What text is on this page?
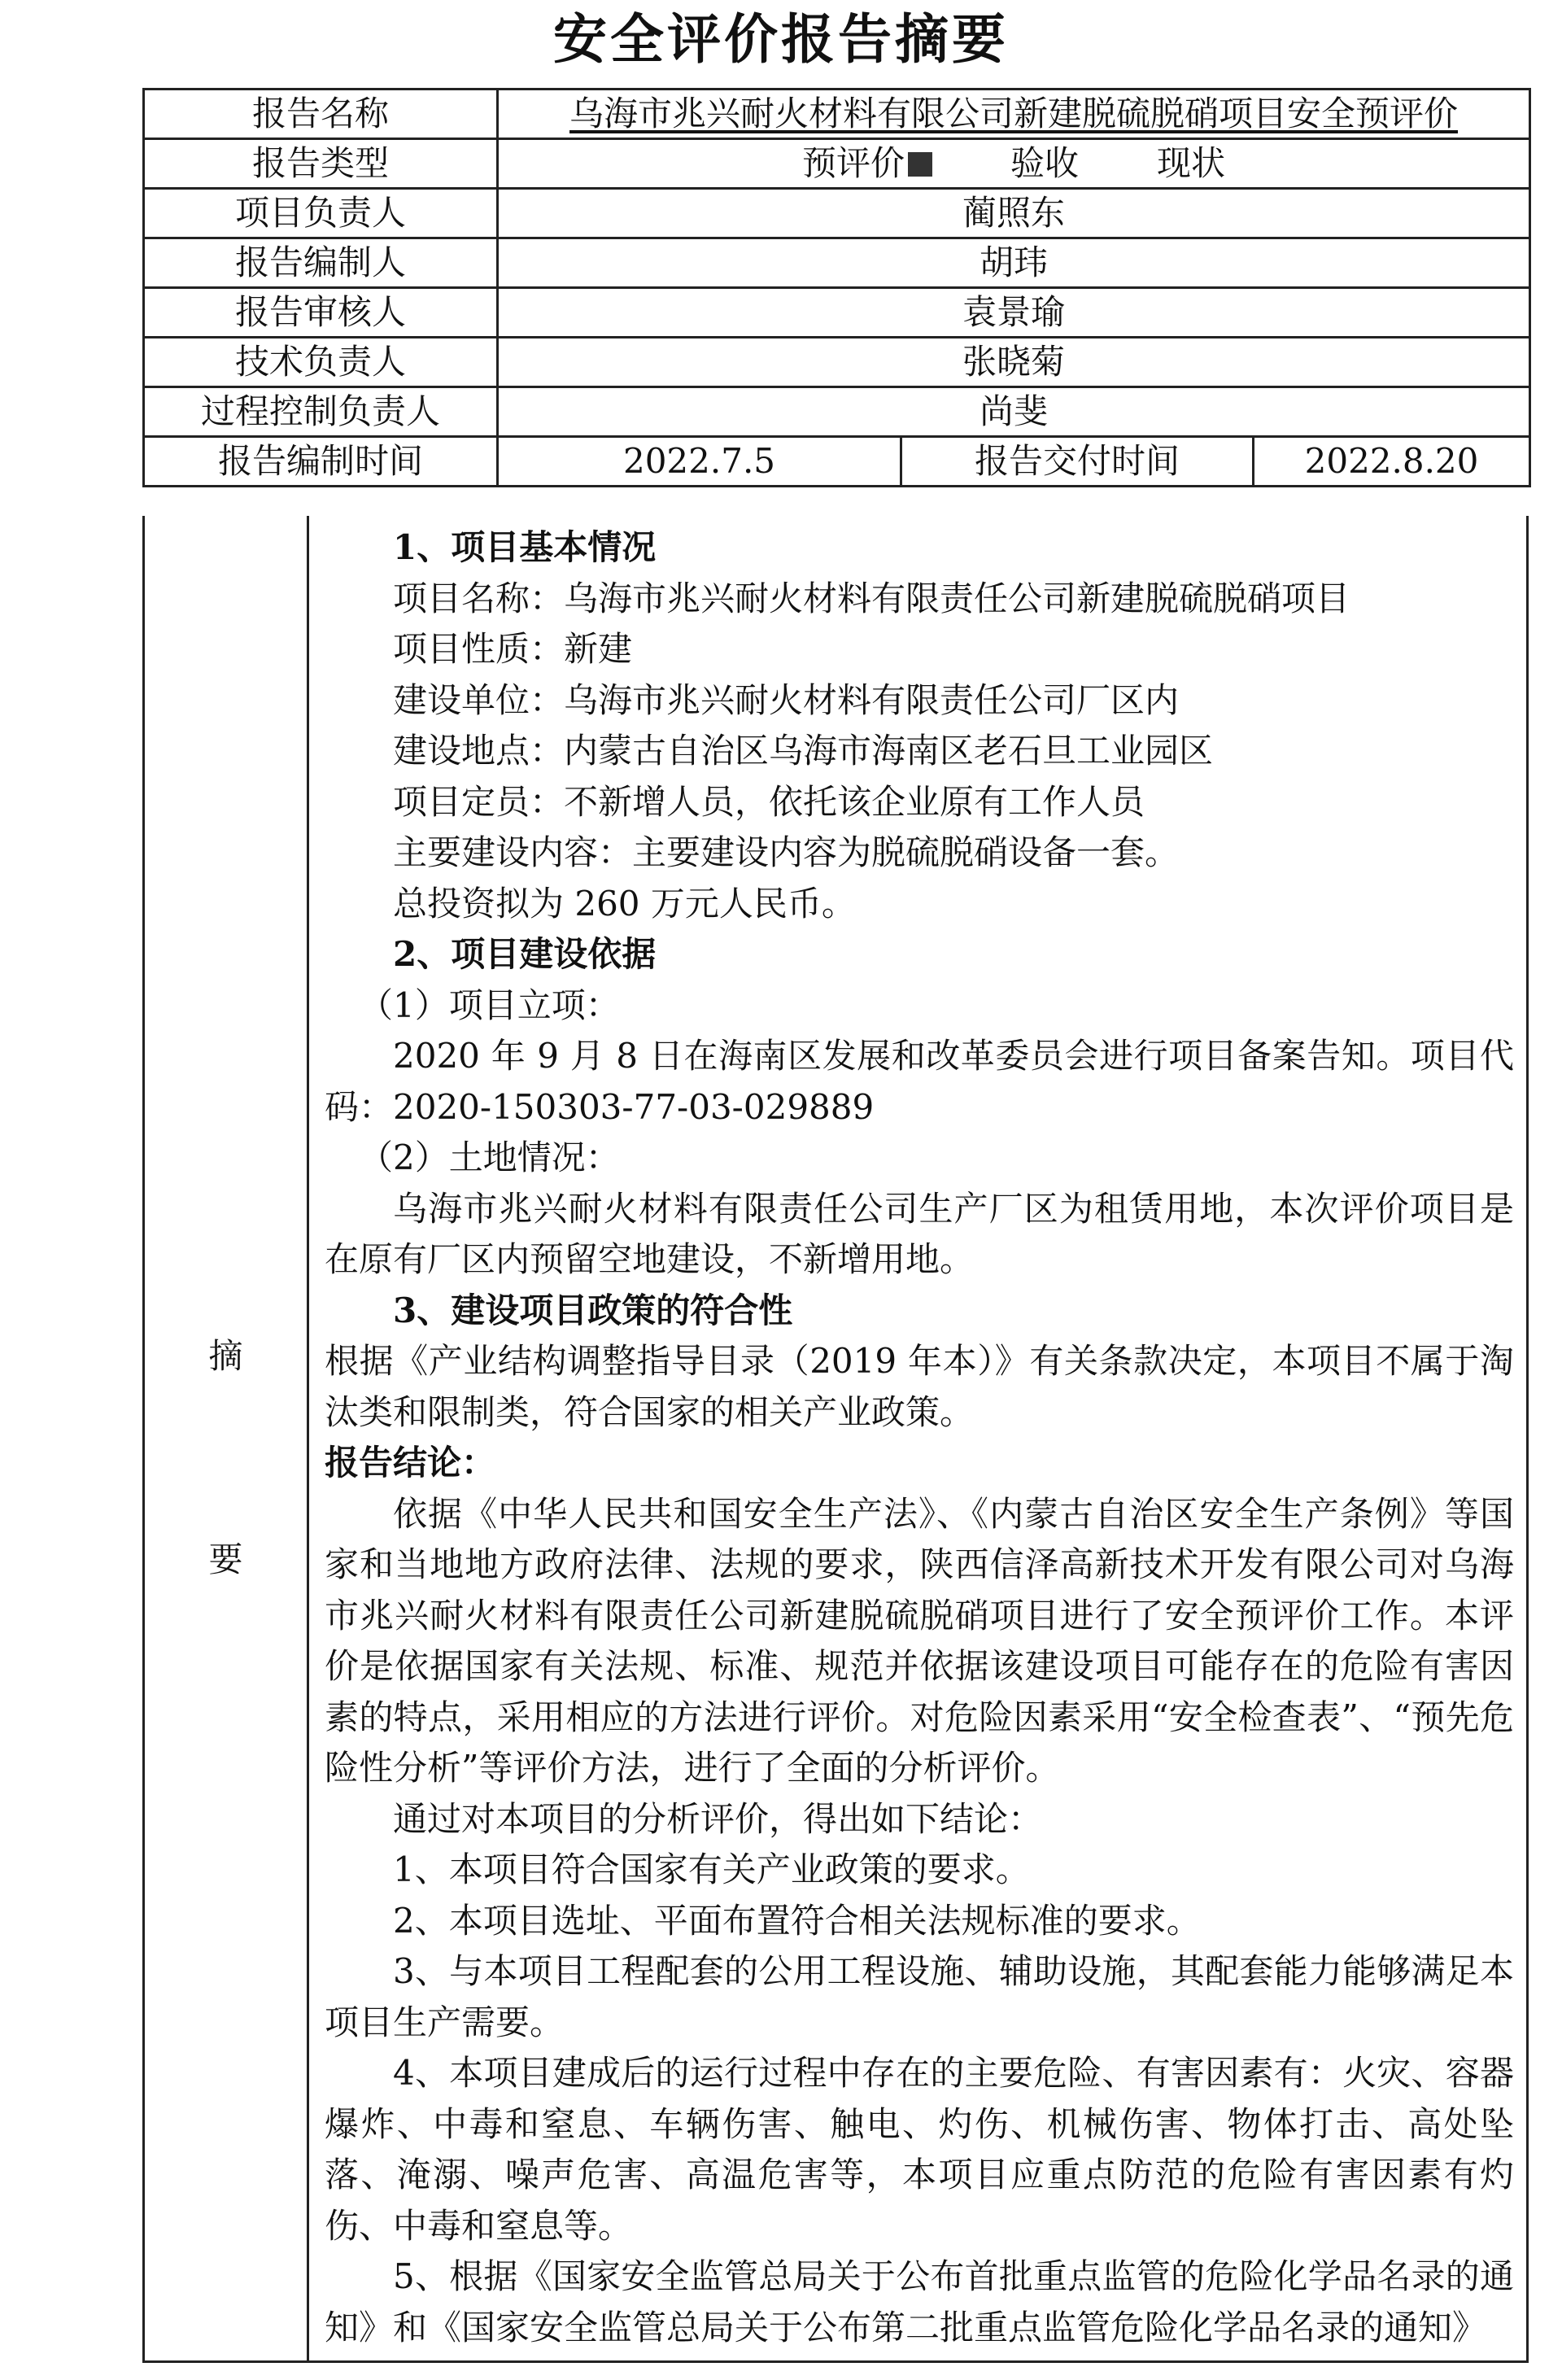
安全评价报告摘要
报告名称	乌海市兆兴耐火材料有限公司新建脱硫脱硝项目安全预评价		
报告类型	预评价 验收 现状		
项目负责人	蔺照东		
报告编制人	胡玮		
报告审核人	袁景瑜		
技术负责人	张晓菊		
过程控制负责人	尚斐		
报告编制时间	2022.7.5	报告交付时间	2022.8.20
摘
要

1、项目基本情况

项目名称：乌海市兆兴耐火材料有限责任公司新建脱硫脱硝项目

项目性质：新建

建设单位：乌海市兆兴耐火材料有限责任公司厂区内

建设地点：内蒙古自治区乌海市海南区老石旦工业园区

项目定员：不新增人员，依托该企业原有工作人员

主要建设内容：主要建设内容为脱硫脱硝设备一套。

总投资拟为 260 万元人民币。

2、项目建设依据

（1）项目立项：

2020 年 9 月 8 日在海南区发展和改革委员会进行项目备案告知。项目代码：2020-150303-77-03-029889

（2）土地情况：

乌海市兆兴耐火材料有限责任公司生产厂区为租赁用地，本次评价项目是在原有厂区内预留空地建设，不新增用地。

3、建设项目政策的符合性

根据《产业结构调整指导目录（2019 年本）》有关条款决定，本项目不属于淘汰类和限制类，符合国家的相关产业政策。

报告结论：

依据《中华人民共和国安全生产法》、《内蒙古自治区安全生产条例》等国家和当地地方政府法律、法规的要求，陕西信泽高新技术开发有限公司对乌海市兆兴耐火材料有限责任公司新建脱硫脱硝项目进行了安全预评价工作。本评价是依据国家有关法规、标准、规范并依据该建设项目可能存在的危险有害因素的特点，采用相应的方法进行评价。对危险因素采用“安全检查表”、“预先危险性分析”等评价方法，进行了全面的分析评价。

通过对本项目的分析评价，得出如下结论：

1、本项目符合国家有关产业政策的要求。

2、本项目选址、平面布置符合相关法规标准的要求。

3、与本项目工程配套的公用工程设施、辅助设施，其配套能力能够满足本项目生产需要。

4、本项目建成后的运行过程中存在的主要危险、有害因素有：火灾、容器爆炸、中毒和窒息、车辆伤害、触电、灼伤、机械伤害、物体打击、高处坠落、淹溺、噪声危害、高温危害等，本项目应重点防范的危险有害因素有灼伤、中毒和窒息等。

5、根据《国家安全监管总局关于公布首批重点监管的危险化学品名录的通知》和《国家安全监管总局关于公布第二批重点监管危险化学品名录的通知》
